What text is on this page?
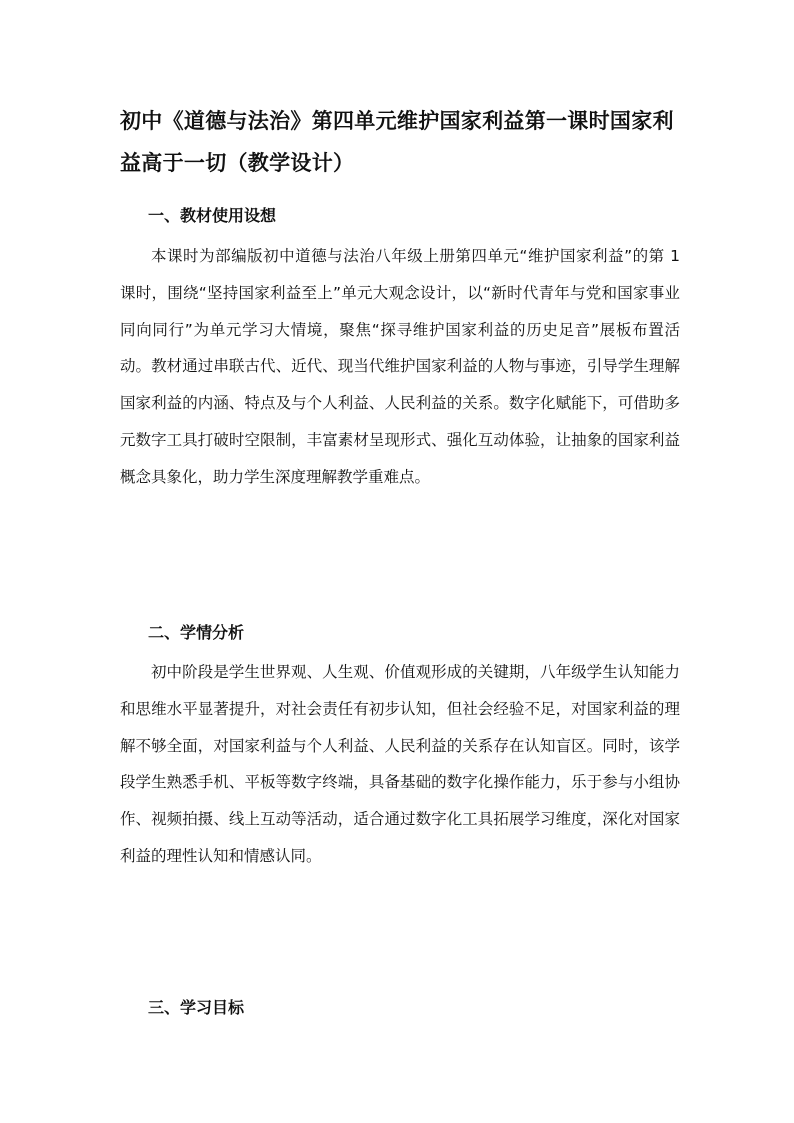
初中《道德与法治》第四单元维护国家利益第一课时国家利益高于一切（教学设计）
一、教材使用设想

本课时为部编版初中道德与法治八年级上册第四单元“维护国家利益”的第 1 课时，围绕“坚持国家利益至上”单元大观念设计，以“新时代青年与党和国家事业同向同行”为单元学习大情境，聚焦“探寻维护国家利益的历史足音”展板布置活动。教材通过串联古代、近代、现当代维护国家利益的人物与事迹，引导学生理解国家利益的内涵、特点及与个人利益、人民利益的关系。数字化赋能下，可借助多元数字工具打破时空限制，丰富素材呈现形式、强化互动体验，让抽象的国家利益概念具象化，助力学生深度理解教学重难点。

二、学情分析

初中阶段是学生世界观、人生观、价值观形成的关键期，八年级学生认知能力和思维水平显著提升，对社会责任有初步认知，但社会经验不足，对国家利益的理解不够全面，对国家利益与个人利益、人民利益的关系存在认知盲区。同时，该学段学生熟悉手机、平板等数字终端，具备基础的数字化操作能力，乐于参与小组协作、视频拍摄、线上互动等活动，适合通过数字化工具拓展学习维度，深化对国家利益的理性认知和情感认同。

三、学习目标
